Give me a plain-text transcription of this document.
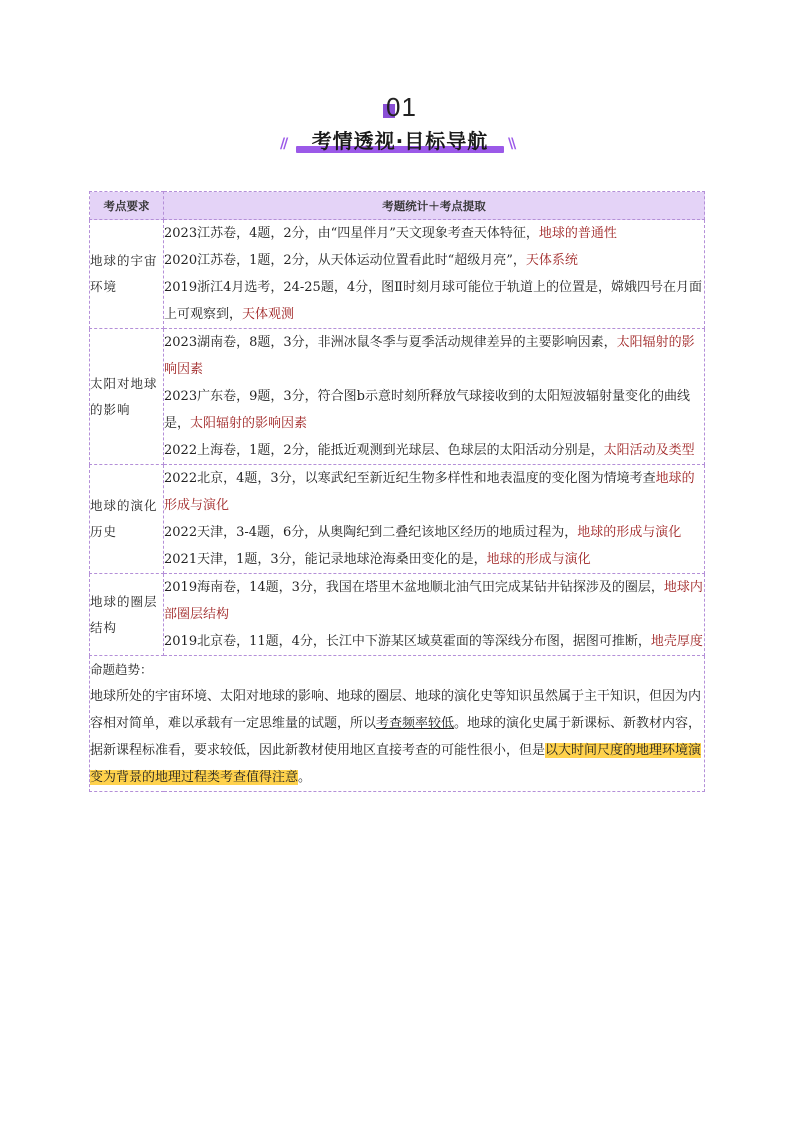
01
//	考情透视·目标导航	\\
考点要求	考题统计＋考点提取
地球的宇宙环境	2023江苏卷，4题，2分，由“四星伴月”天文现象考查天体特征，地球的普通性
2020江苏卷，1题，2分，从天体运动位置看此时“超级月亮”，天体系统
2019浙江4月选考，24-25题，4分，图Ⅱ时刻月球可能位于轨道上的位置是，嫦娥四号在月面上可观察到，天体观测

太阳对地球的影响	2023湖南卷，8题，3分，非洲冰鼠冬季与夏季活动规律差异的主要影响因素，太阳辐射的影响因素
2023广东卷，9题，3分，符合图b示意时刻所释放气球接收到的太阳短波辐射量变化的曲线是，太阳辐射的影响因素
2022上海卷，1题，2分，能抵近观测到光球层、色球层的太阳活动分别是，太阳活动及类型

地球的演化历史	2022北京，4题，3分，以寒武纪至新近纪生物多样性和地表温度的变化图为情境考查地球的形成与演化
2022天津，3-4题，6分，从奥陶纪到二叠纪该地区经历的地质过程为，地球的形成与演化
2021天津，1题，3分，能记录地球沧海桑田变化的是，地球的形成与演化

地球的圈层结构	2019海南卷，14题，3分，我国在塔里木盆地顺北油气田完成某钻井钻探涉及的圈层，地球内部圈层结构
2019北京卷，11题，4分，长江中下游某区域莫霍面的等深线分布图，据图可推断，地壳厚度

命题趋势：
地球所处的宇宙环境、太阳对地球的影响、地球的圈层、地球的演化史等知识虽然属于主干知识，但因为内容相对简单，难以承载有一定思维量的试题，所以考查频率较低。地球的演化史属于新课标、新教材内容，据新课程标准看，要求较低，因此新教材使用地区直接考查的可能性很小，但是以大时间尺度的地理环境演变为背景的地理过程类考查值得注意。	
